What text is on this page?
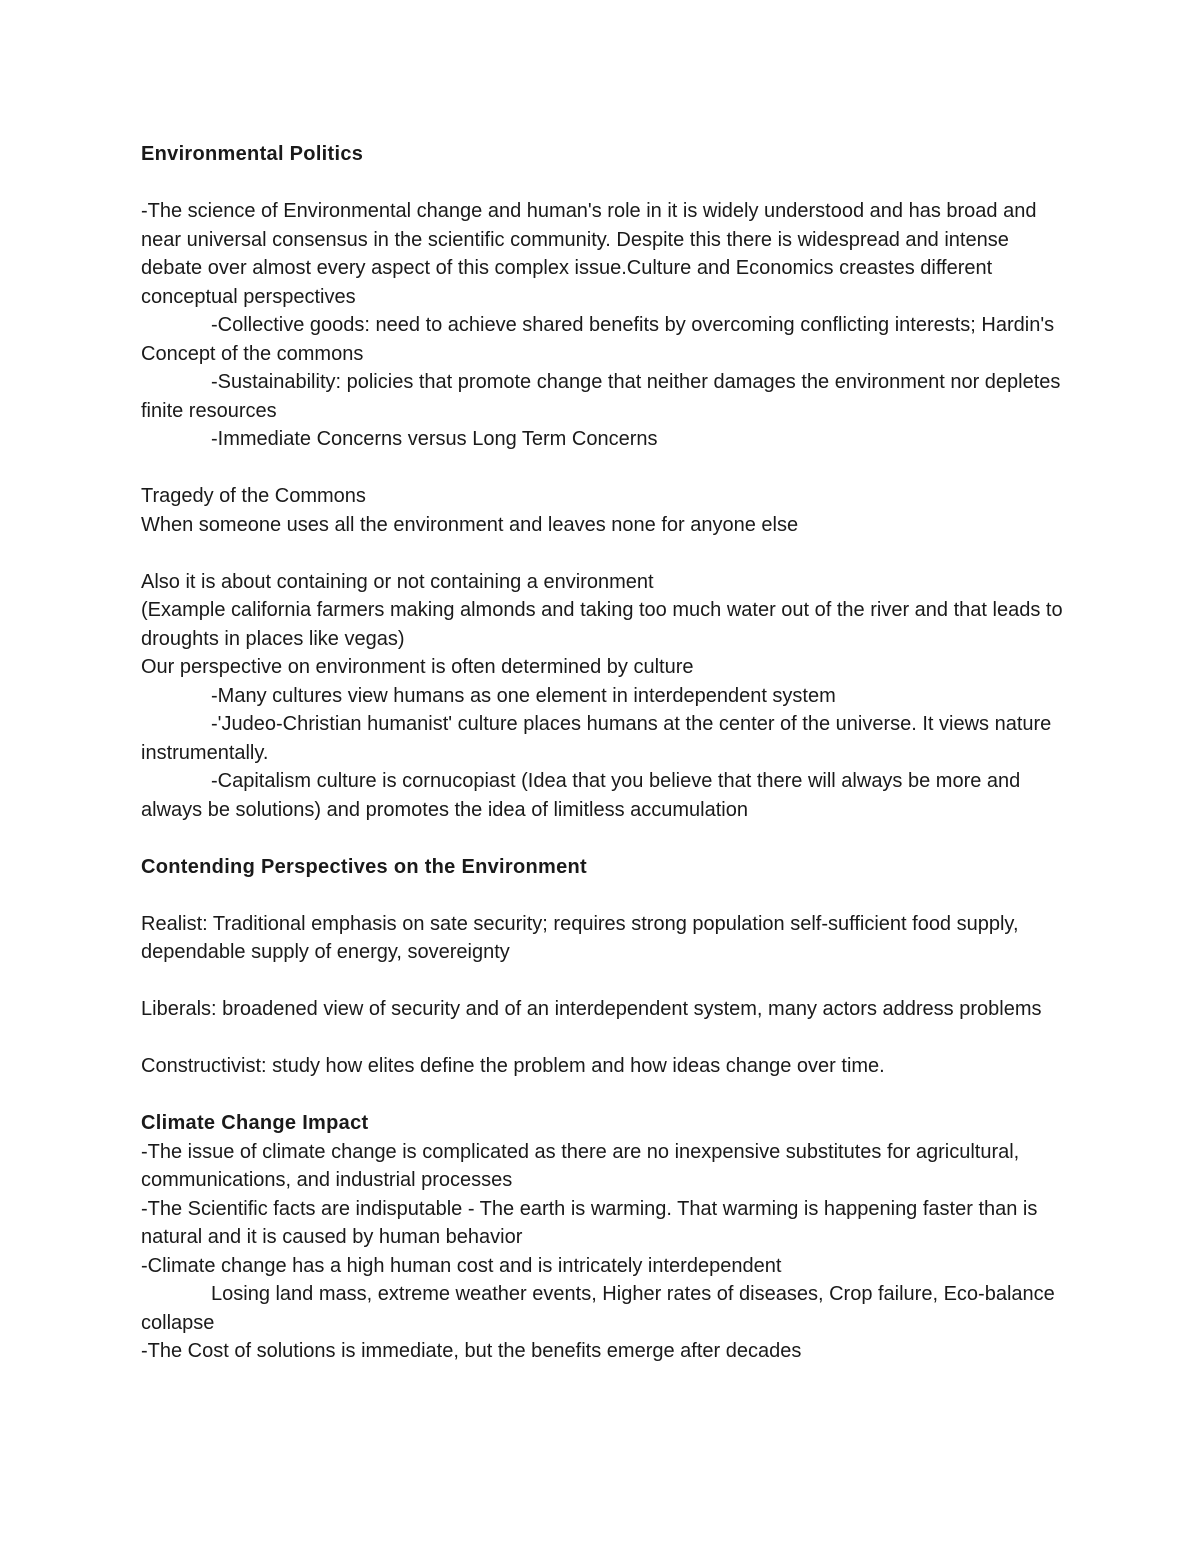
Environmental Politics

-The science of Environmental change and human's role in it is widely understood and has broad and near universal consensus in the scientific community. Despite this there is widespread and intense debate over almost every aspect of this complex issue.Culture and Economics creastes different conceptual perspectives

-Collective goods: need to achieve shared benefits by overcoming conflicting interests; Hardin's Concept of the commons

-Sustainability: policies that promote change that neither damages the environment nor depletes finite resources

-Immediate Concerns versus Long Term Concerns

Tragedy of the Commons

When someone uses all the environment and leaves none for anyone else

Also it is about containing or not containing a environment

(Example california farmers making almonds and taking too much water out of the river and that leads to droughts in places like vegas)

Our perspective on environment is often determined by culture

-Many cultures view humans as one element in interdependent system

-'Judeo-Christian humanist' culture places humans at the center of the universe. It views nature instrumentally.

-Capitalism culture is cornucopiast (Idea that you believe that there will always be more and always be solutions) and promotes the idea of limitless accumulation

Contending Perspectives on the Environment

Realist: Traditional emphasis on sate security; requires strong population self-sufficient food supply, dependable supply of energy, sovereignty

Liberals: broadened view of security and of an interdependent system, many actors address problems

Constructivist: study how elites define the problem and how ideas change over time.

Climate Change Impact

-The issue of climate change is complicated as there are no inexpensive substitutes for agricultural, communications, and industrial processes

-The Scientific facts are indisputable - The earth is warming. That warming is happening faster than is natural and it is caused by human behavior

-Climate change has a high human cost and is intricately interdependent

Losing land mass, extreme weather events, Higher rates of diseases, Crop failure, Eco-balance collapse

-The Cost of solutions is immediate, but the benefits emerge after decades
